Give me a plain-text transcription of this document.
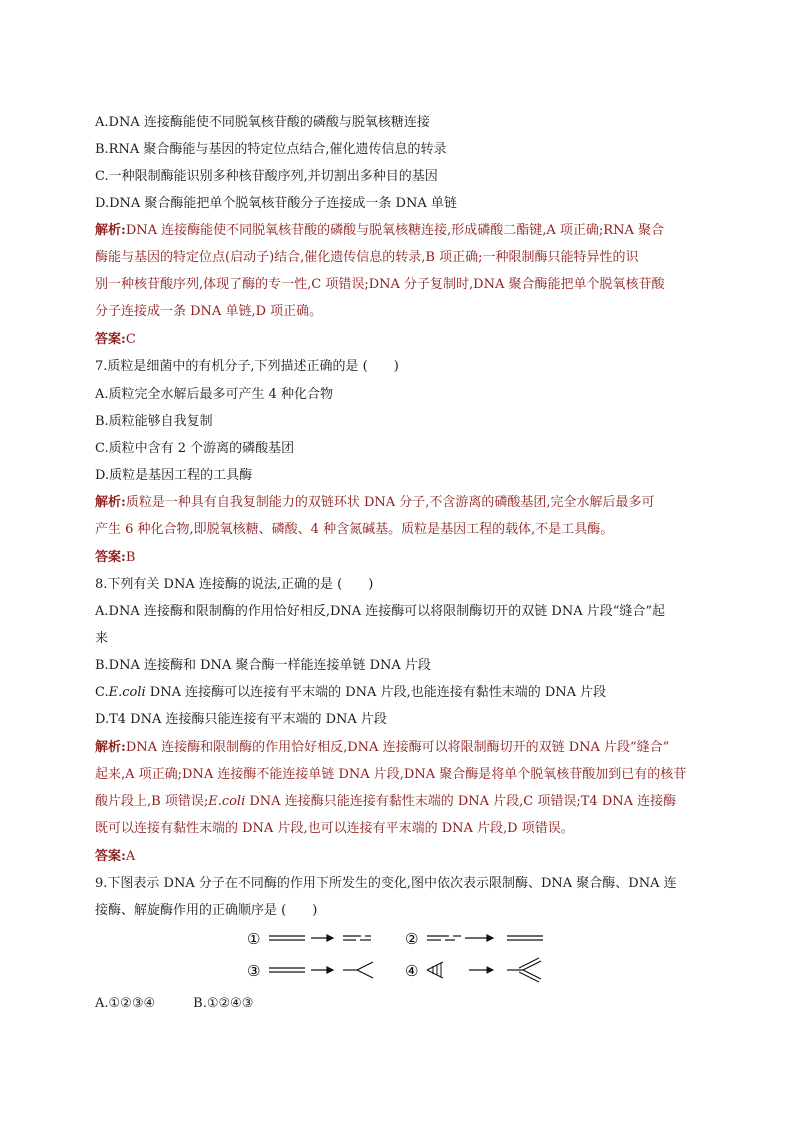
A.DNA 连接酶能使不同脱氧核苷酸的磷酸与脱氧核糖连接
B.RNA 聚合酶能与基因的特定位点结合,催化遗传信息的转录
C.一种限制酶能识别多种核苷酸序列,并切割出多种目的基因
D.DNA 聚合酶能把单个脱氧核苷酸分子连接成一条 DNA 单链
解析:DNA 连接酶能使不同脱氧核苷酸的磷酸与脱氧核糖连接,形成磷酸二酯键,A 项正确;RNA 聚合
酶能与基因的特定位点(启动子)结合,催化遗传信息的转录,B 项正确;一种限制酶只能特异性的识
别一种核苷酸序列,体现了酶的专一性,C 项错误;DNA 分子复制时,DNA 聚合酶能把单个脱氧核苷酸
分子连接成一条 DNA 单链,D 项正确。
答案:C
7.质粒是细菌中的有机分子,下列描述正确的是 (　　)
A.质粒完全水解后最多可产生 4 种化合物
B.质粒能够自我复制
C.质粒中含有 2 个游离的磷酸基团
D.质粒是基因工程的工具酶
解析:质粒是一种具有自我复制能力的双链环状 DNA 分子,不含游离的磷酸基团,完全水解后最多可
产生 6 种化合物,即脱氧核糖、磷酸、4 种含氮碱基。质粒是基因工程的载体,不是工具酶。
答案:B
8.下列有关 DNA 连接酶的说法,正确的是 (　　)
A.DNA 连接酶和限制酶的作用恰好相反,DNA 连接酶可以将限制酶切开的双链 DNA 片段“缝合”起
来
B.DNA 连接酶和 DNA 聚合酶一样能连接单链 DNA 片段
C.E.coli DNA 连接酶可以连接有平末端的 DNA 片段,也能连接有黏性末端的 DNA 片段
D.T4 DNA 连接酶只能连接有平末端的 DNA 片段
解析:DNA 连接酶和限制酶的作用恰好相反,DNA 连接酶可以将限制酶切开的双链 DNA 片段“缝合”
起来,A 项正确;DNA 连接酶不能连接单链 DNA 片段,DNA 聚合酶是将单个脱氧核苷酸加到已有的核苷
酸片段上,B 项错误;E.coli DNA 连接酶只能连接有黏性末端的 DNA 片段,C 项错误;T4 DNA 连接酶
既可以连接有黏性末端的 DNA 片段,也可以连接有平末端的 DNA 片段,D 项错误。
答案:A
9.下图表示 DNA 分子在不同酶的作用下所发生的变化,图中依次表示限制酶、DNA 聚合酶、DNA 连
接酶、解旋酶作用的正确顺序是 (　　)
①	②
③	④
A.①②③④	B.①②④③
